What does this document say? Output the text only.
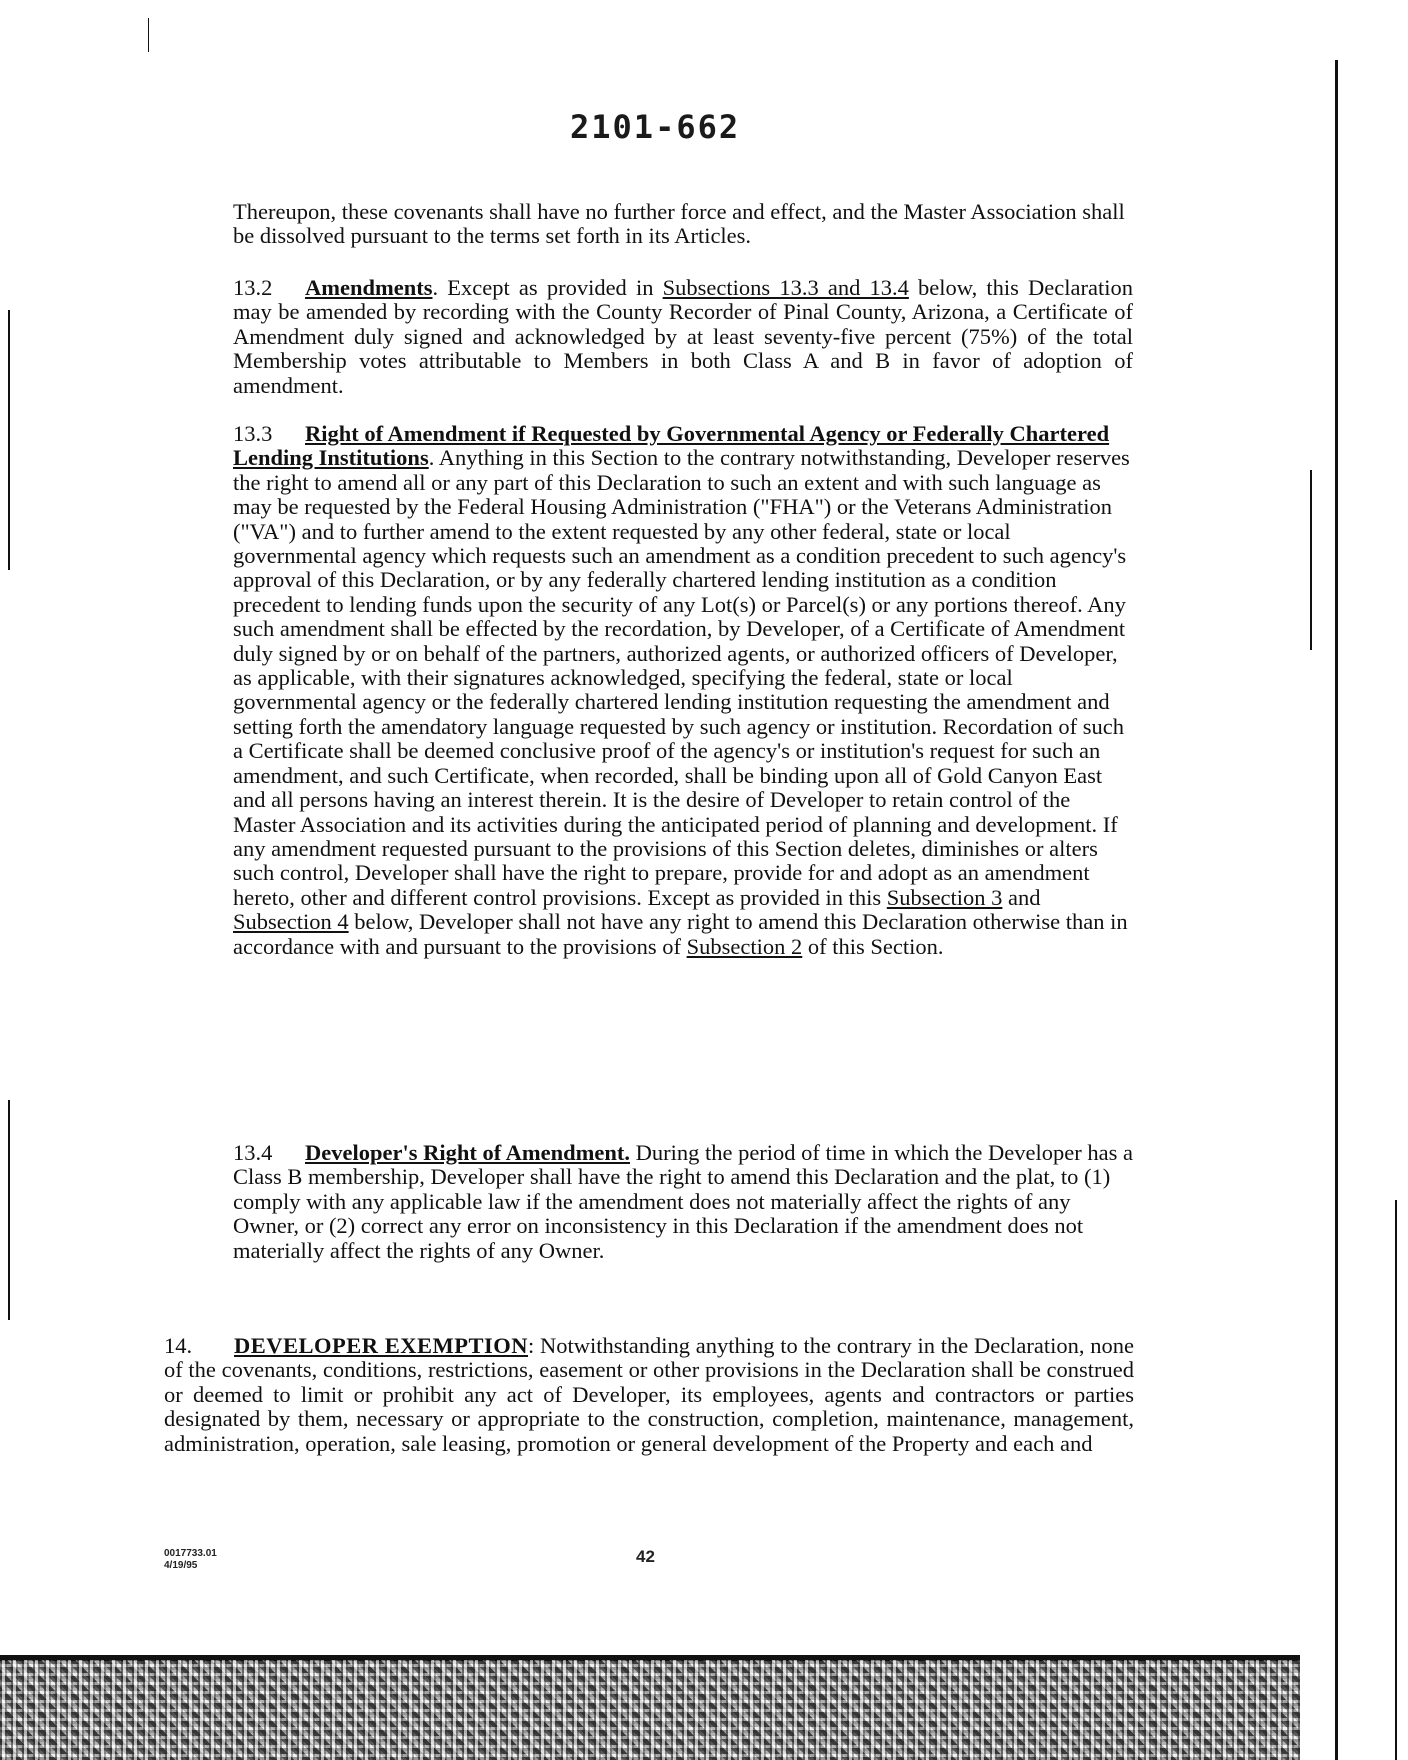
2101-662
Thereupon, these covenants shall have no further force and effect, and the Master Association shall be dissolved pursuant to the terms set forth in its Articles.
13.2 Amendments. Except as provided in Subsections 13.3 and 13.4 below, this Declaration may be amended by recording with the County Recorder of Pinal County, Arizona, a Certificate of Amendment duly signed and acknowledged by at least seventy-five percent (75%) of the total Membership votes attributable to Members in both Class A and B in favor of adoption of amendment.
13.3 Right of Amendment if Requested by Governmental Agency or Federally Chartered Lending Institutions. Anything in this Section to the contrary notwithstanding, Developer reserves the right to amend all or any part of this Declaration to such an extent and with such language as may be requested by the Federal Housing Administration ("FHA") or the Veterans Administration ("VA") and to further amend to the extent requested by any other federal, state or local governmental agency which requests such an amendment as a condition precedent to such agency's approval of this Declaration, or by any federally chartered lending institution as a condition precedent to lending funds upon the security of any Lot(s) or Parcel(s) or any portions thereof. Any such amendment shall be effected by the recordation, by Developer, of a Certificate of Amendment duly signed by or on behalf of the partners, authorized agents, or authorized officers of Developer, as applicable, with their signatures acknowledged, specifying the federal, state or local governmental agency or the federally chartered lending institution requesting the amendment and setting forth the amendatory language requested by such agency or institution. Recordation of such a Certificate shall be deemed conclusive proof of the agency's or institution's request for such an amendment, and such Certificate, when recorded, shall be binding upon all of Gold Canyon East and all persons having an interest therein. It is the desire of Developer to retain control of the Master Association and its activities during the anticipated period of planning and development. If any amendment requested pursuant to the provisions of this Section deletes, diminishes or alters such control, Developer shall have the right to prepare, provide for and adopt as an amendment hereto, other and different control provisions. Except as provided in this Subsection 3 and Subsection 4 below, Developer shall not have any right to amend this Declaration otherwise than in accordance with and pursuant to the provisions of Subsection 2 of this Section.
13.4 Developer's Right of Amendment. During the period of time in which the Developer has a Class B membership, Developer shall have the right to amend this Declaration and the plat, to (1) comply with any applicable law if the amendment does not materially affect the rights of any Owner, or (2) correct any error on inconsistency in this Declaration if the amendment does not materially affect the rights of any Owner.
14. DEVELOPER EXEMPTION: Notwithstanding anything to the contrary in the Declaration, none of the covenants, conditions, restrictions, easement or other provisions in the Declaration shall be construed or deemed to limit or prohibit any act of Developer, its employees, agents and contractors or parties designated by them, necessary or appropriate to the construction, completion, maintenance, management, administration, operation, sale leasing, promotion or general development of the Property and each and
0017733.01
4/19/95	42
